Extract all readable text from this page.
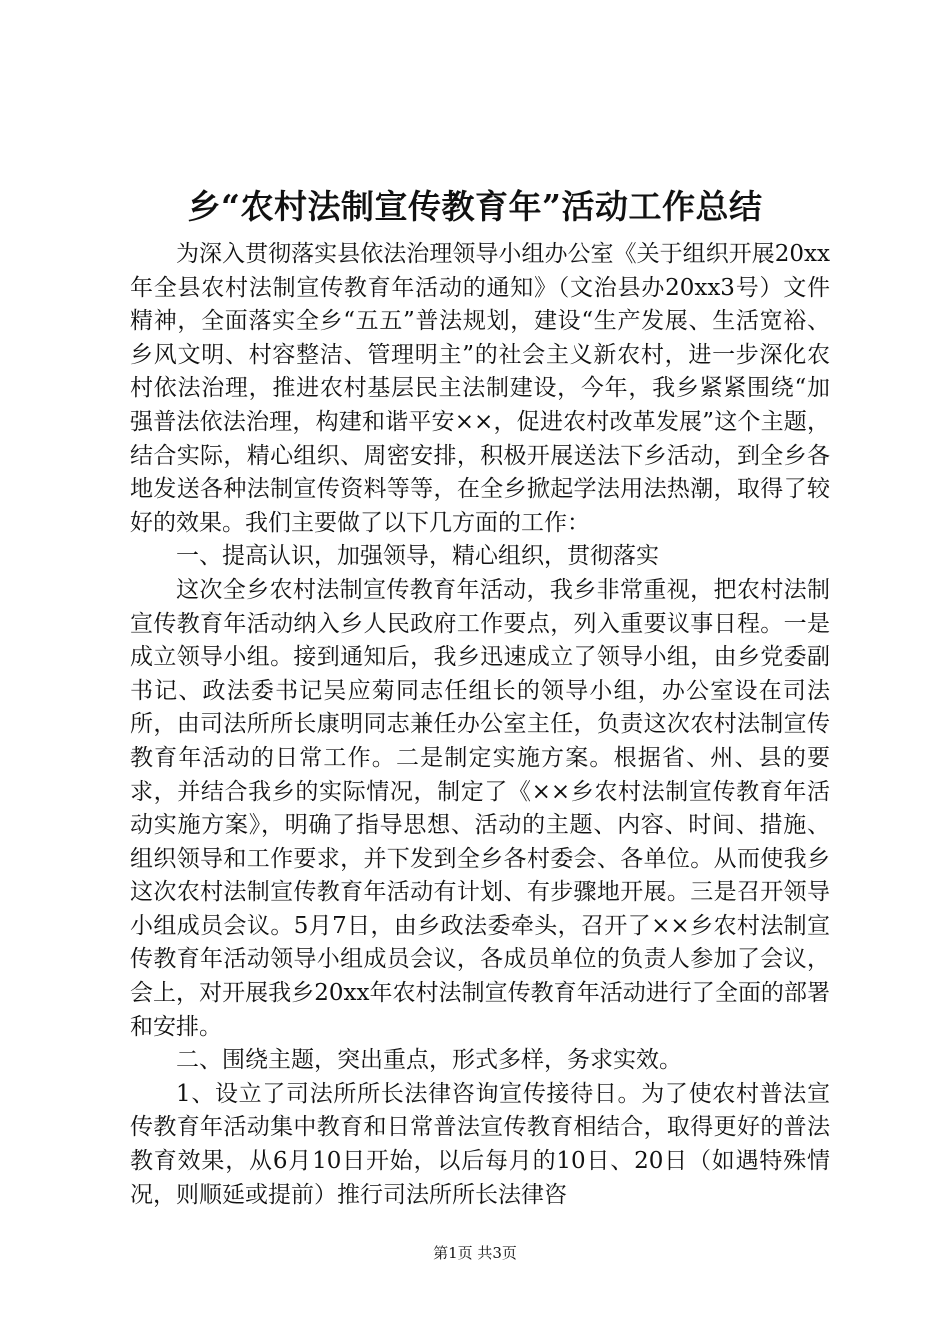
乡“农村法制宣传教育年”活动工作总结

为深入贯彻落实县依法治理领导小组办公室《关于组织开展20xx年全县农村法制宣传教育年活动的通知》（文治县办20xx3号）文件精神，全面落实全乡“五五”普法规划，建设“生产发展、生活宽裕、乡风文明、村容整洁、管理明主”的社会主义新农村，进一步深化农村依法治理，推进农村基层民主法制建设，今年，我乡紧紧围绕“加强普法依法治理，构建和谐平安××，促进农村改革发展”这个主题，结合实际，精心组织、周密安排，积极开展送法下乡活动，到全乡各地发送各种法制宣传资料等等，在全乡掀起学法用法热潮，取得了较好的效果。我们主要做了以下几方面的工作：

一、提高认识，加强领导，精心组织，贯彻落实

这次全乡农村法制宣传教育年活动，我乡非常重视，把农村法制宣传教育年活动纳入乡人民政府工作要点，列入重要议事日程。一是成立领导小组。接到通知后，我乡迅速成立了领导小组，由乡党委副书记、政法委书记吴应菊同志任组长的领导小组，办公室设在司法所，由司法所所长康明同志兼任办公室主任，负责这次农村法制宣传教育年活动的日常工作。二是制定实施方案。根据省、州、县的要求，并结合我乡的实际情况，制定了《××乡农村法制宣传教育年活动实施方案》，明确了指导思想、活动的主题、内容、时间、措施、组织领导和工作要求，并下发到全乡各村委会、各单位。从而使我乡这次农村法制宣传教育年活动有计划、有步骤地开展。三是召开领导小组成员会议。5月7日，由乡政法委牵头，召开了××乡农村法制宣传教育年活动领导小组成员会议，各成员单位的负责人参加了会议，会上，对开展我乡20xx年农村法制宣传教育年活动进行了全面的部署和安排。

二、围绕主题，突出重点，形式多样，务求实效。

1、设立了司法所所长法律咨询宣传接待日。为了使农村普法宣传教育年活动集中教育和日常普法宣传教育相结合，取得更好的普法教育效果，从6月10日开始，以后每月的10日、20日（如遇特殊情况，则顺延或提前）推行司法所所长法律咨

第1页 共3页
